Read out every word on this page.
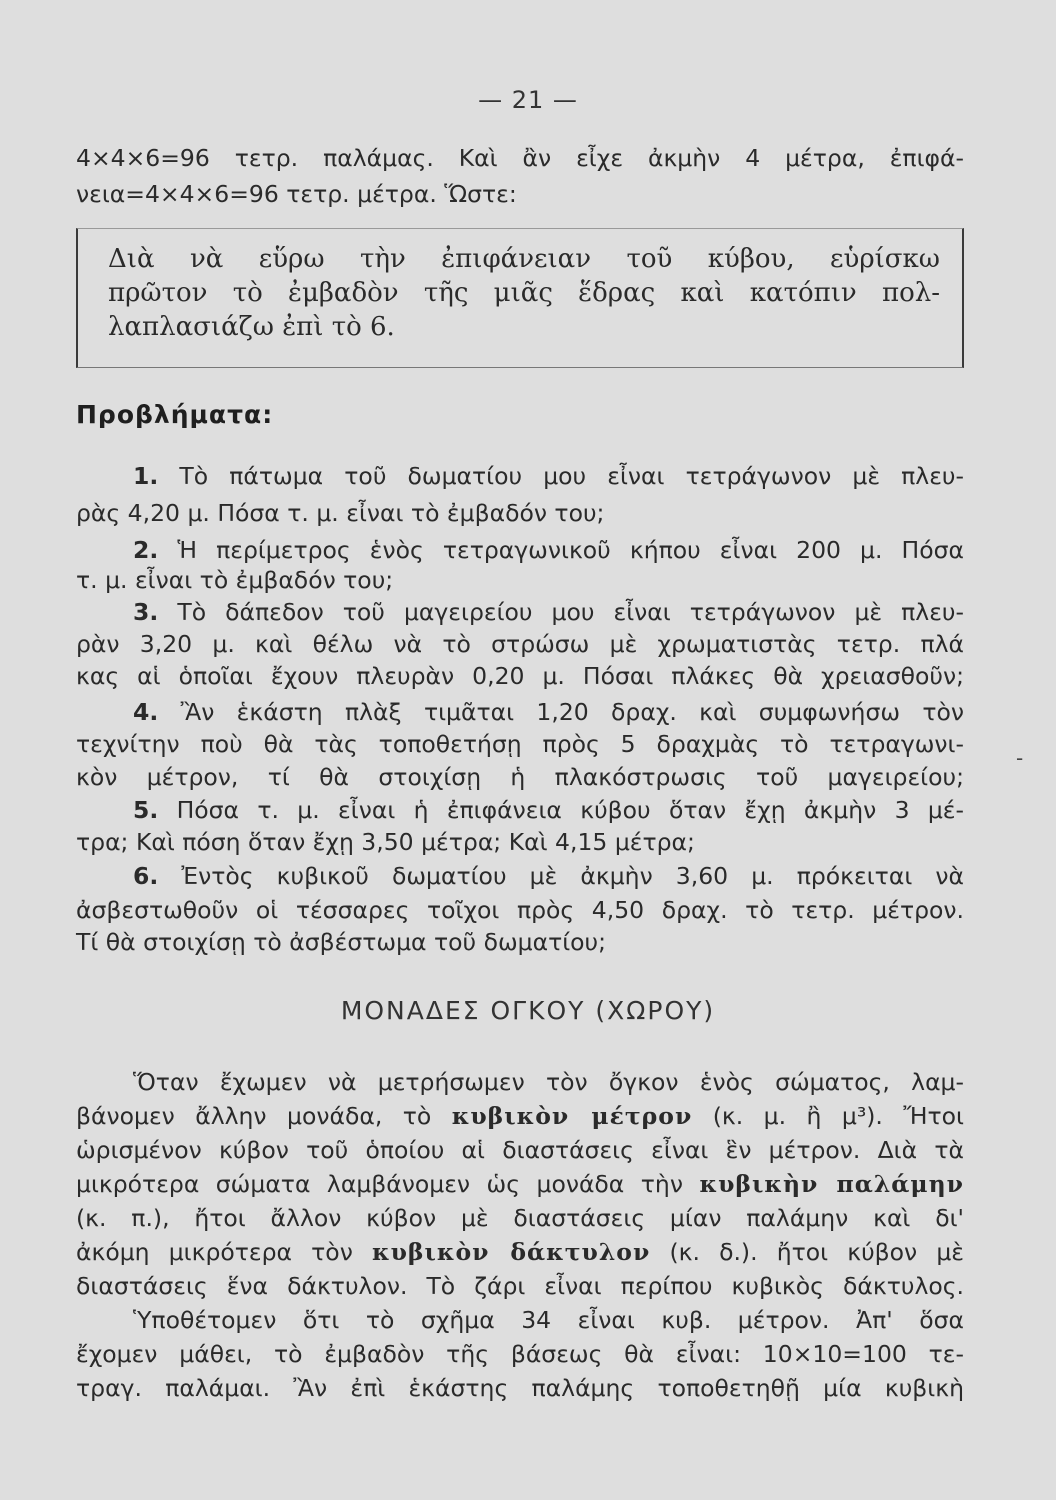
— 21 —
4×4×6=96 τετρ. παλάμας. Καὶ ἂν εἶχε ἀκμὴν 4 μέτρα, ἐπιφά-
νεια=4×4×6=96 τετρ. μέτρα. Ὥστε:
Διὰ νὰ εὕρω τὴν ἐπιφάνειαν τοῦ κύβου, εὑρίσκω
πρῶτον τὸ ἐμβαδὸν τῆς μιᾶς ἕδρας καὶ κατόπιν πολ-
λαπλασιάζω ἐπὶ τὸ 6.
Προβλήματα:
1. Τὸ πάτωμα τοῦ δωματίου μου εἶναι τετράγωνον μὲ πλευ-
ρὰς 4,20 μ. Πόσα τ. μ. εἶναι τὸ ἐμβαδόν του;
2. Ἡ περίμετρος ἑνὸς τετραγωνικοῦ κήπου εἶναι 200 μ. Πόσα
τ. μ. εἶναι τὸ ἐμβαδόν του;
3. Τὸ δάπεδον τοῦ μαγειρείου μου εἶναι τετράγωνον μὲ πλευ-
ρὰν 3,20 μ. καὶ θέλω νὰ τὸ στρώσω μὲ χρωματιστὰς τετρ. πλά
κας αἱ ὁποῖαι ἔχουν πλευρὰν 0,20 μ. Πόσαι πλάκες θὰ χρειασθοῦν;
4. Ἂν ἑκάστη πλὰξ τιμᾶται 1,20 δραχ. καὶ συμφωνήσω τὸν
τεχνίτην ποὺ θὰ τὰς τοποθετήσῃ πρὸς 5 δραχμὰς τὸ τετραγωνι-
κὸν μέτρον, τί θὰ στοιχίσῃ ἡ πλακόστρωσις τοῦ μαγειρείου;
5. Πόσα τ. μ. εἶναι ἡ ἐπιφάνεια κύβου ὅταν ἔχῃ ἀκμὴν 3 μέ-
τρα; Καὶ πόση ὅταν ἔχῃ 3,50 μέτρα; Καὶ 4,15 μέτρα;
6. Ἐντὸς κυβικοῦ δωματίου μὲ ἀκμὴν 3,60 μ. πρόκειται νὰ
ἀσβεστωθοῦν οἱ τέσσαρες τοῖχοι πρὸς 4,50 δραχ. τὸ τετρ. μέτρον.
Τί θὰ στοιχίσῃ τὸ ἀσβέστωμα τοῦ δωματίου;
ΜΟΝΑΔΕΣ ΟΓΚΟΥ (ΧΩΡΟΥ)
Ὅταν ἔχωμεν νὰ μετρήσωμεν τὸν ὄγκον ἑνὸς σώματος, λαμ-
βάνομεν ἄλλην μονάδα, τὸ κυβικὸν μέτρον (κ. μ. ἢ μ³). Ἤτοι
ὡρισμένον κύβον τοῦ ὁποίου αἱ διαστάσεις εἶναι ἓν μέτρον. Διὰ τὰ
μικρότερα σώματα λαμβάνομεν ὡς μονάδα τὴν κυβικὴν παλάμην
(κ. π.), ἤτοι ἄλλον κύβον μὲ διαστάσεις μίαν παλάμην καὶ δι'
ἀκόμη μικρότερα τὸν κυβικὸν δάκτυλον (κ. δ.). ἤτοι κύβον μὲ
διαστάσεις ἕνα δάκτυλον. Τὸ ζάρι εἶναι περίπου κυβικὸς δάκτυλος.
Ὑποθέτομεν ὅτι τὸ σχῆμα 34 εἶναι κυβ. μέτρον. Ἀπ' ὅσα
ἔχομεν μάθει, τὸ ἐμβαδὸν τῆς βάσεως θὰ εἶναι: 10×10=100 τε-
τραγ. παλάμαι. Ἂν ἐπὶ ἑκάστης παλάμης τοποθετηθῇ μία κυβικὴ
-
